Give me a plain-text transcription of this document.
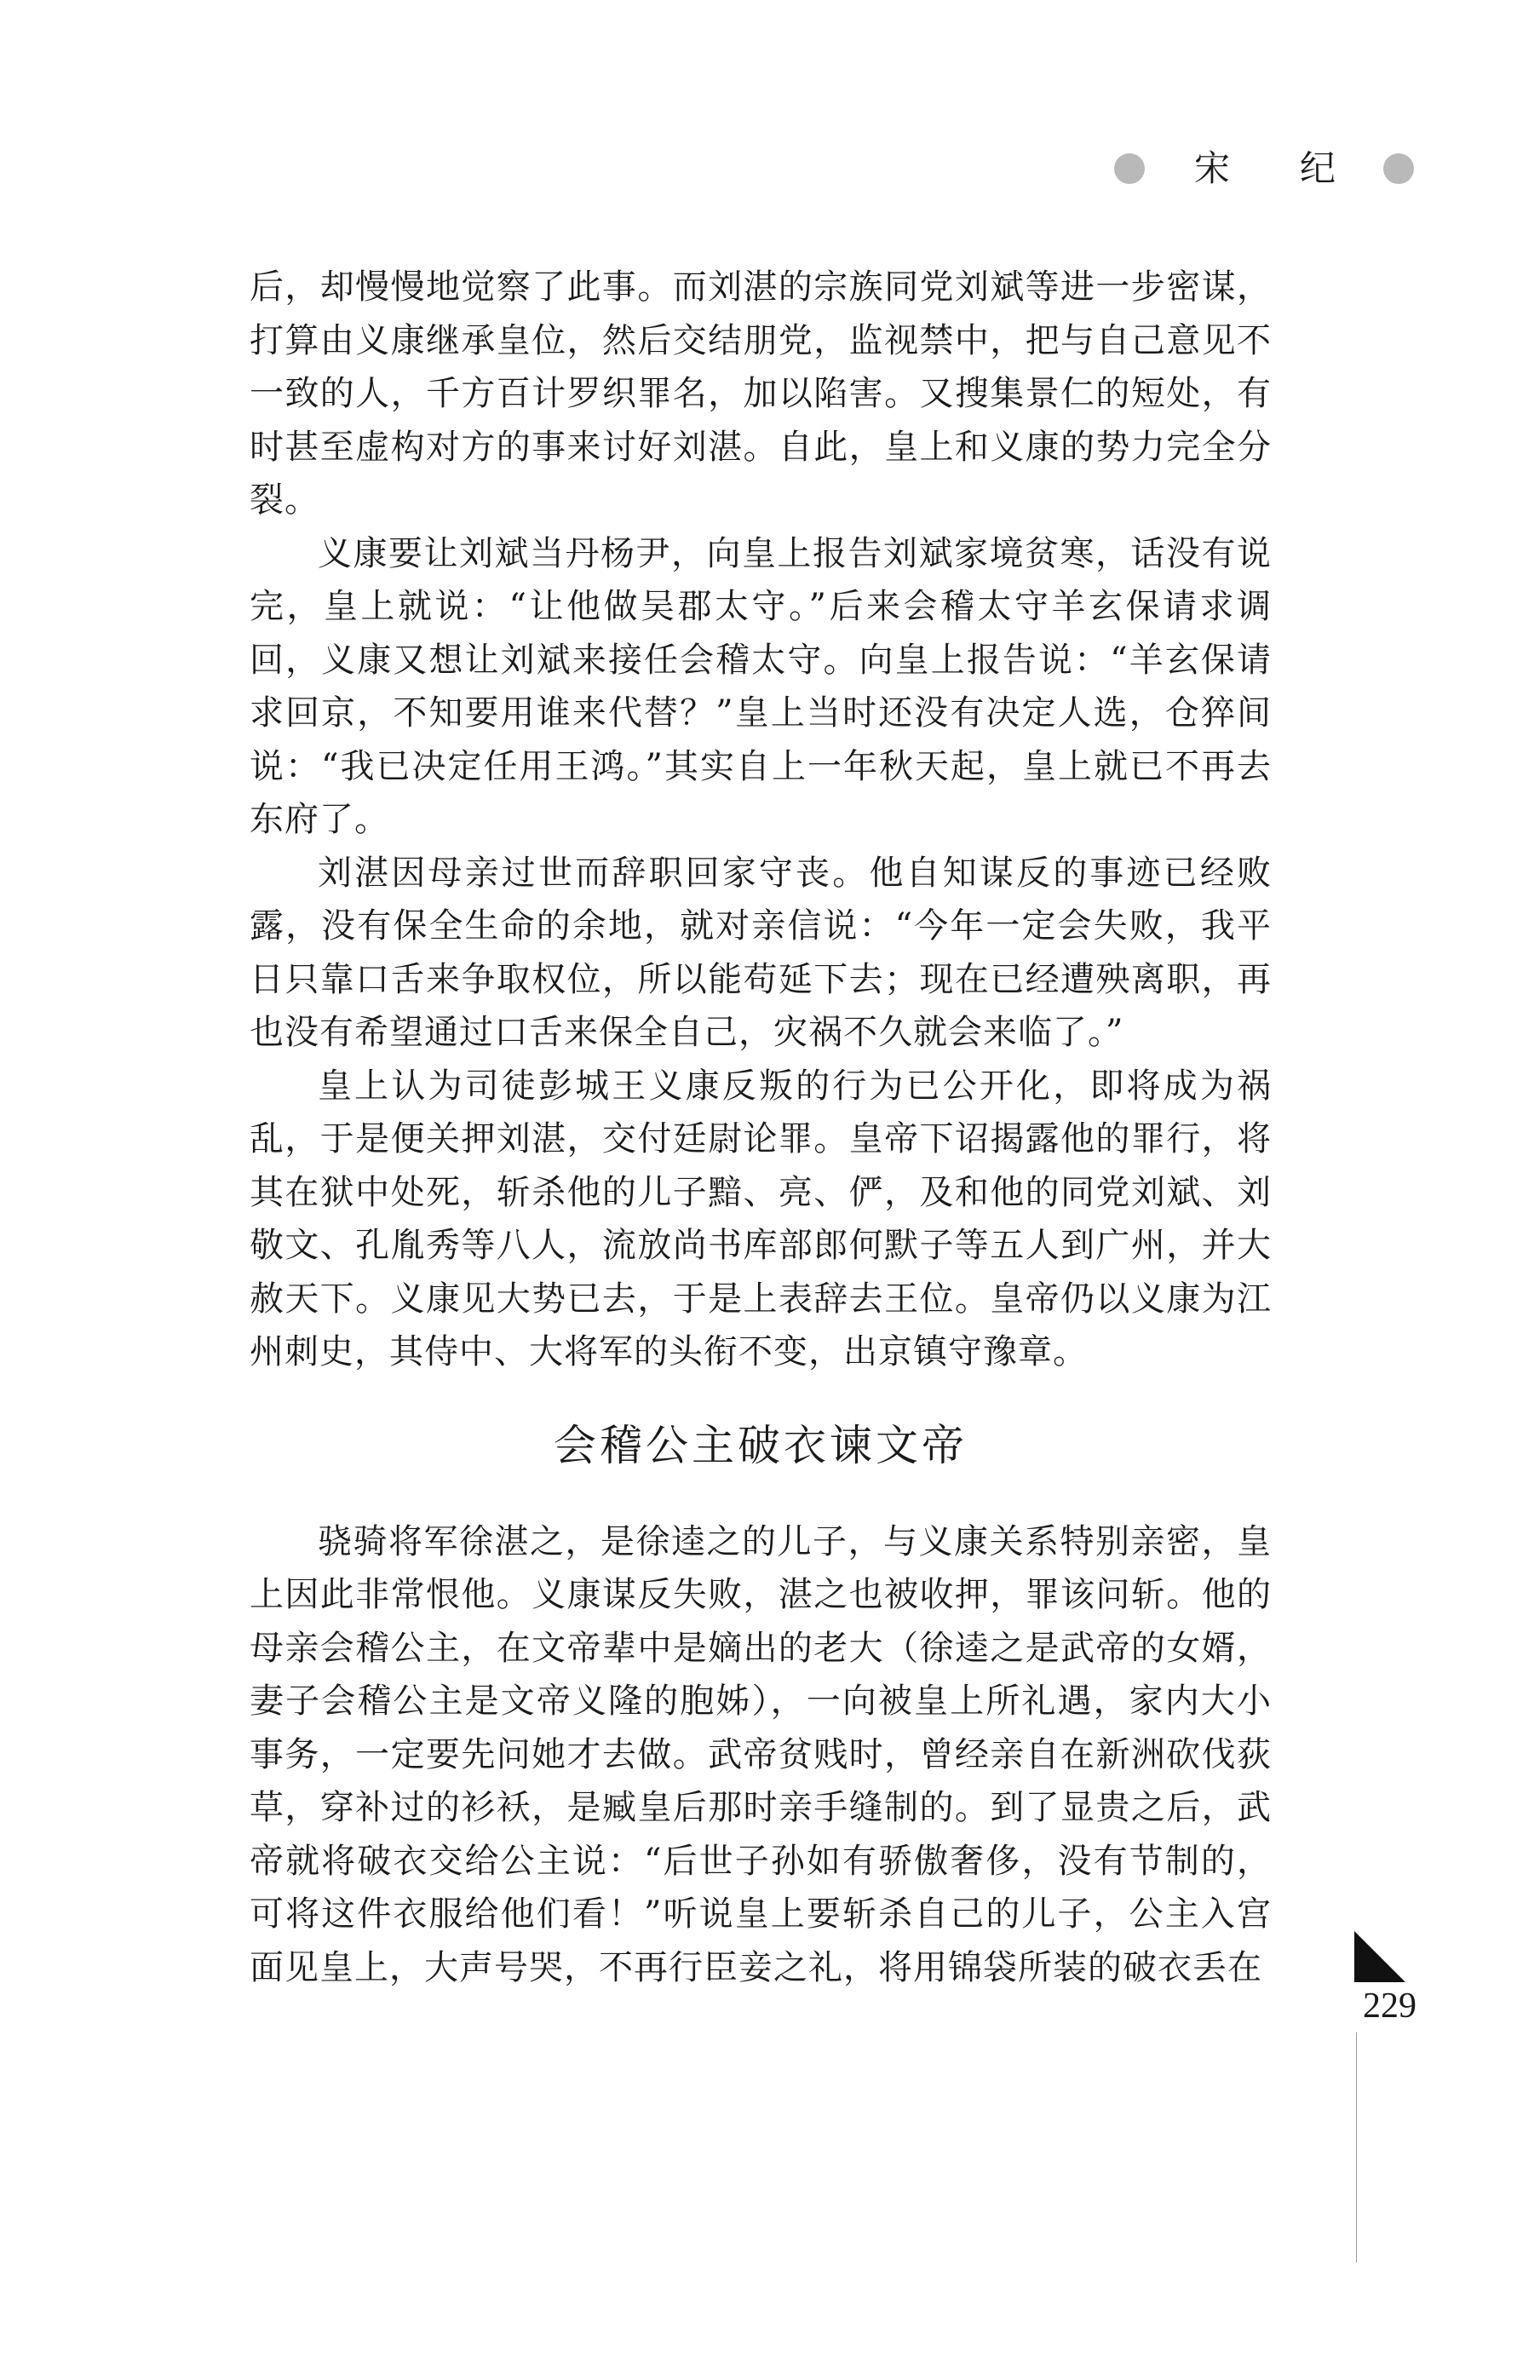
宋 纪

后，却慢慢地觉察了此事。而刘湛的宗族同党刘斌等进一步密谋，打算由义康继承皇位，然后交结朋党，监视禁中，把与自己意见不一致的人，千方百计罗织罪名，加以陷害。又搜集景仁的短处，有时甚至虚构对方的事来讨好刘湛。自此，皇上和义康的势力完全分裂。

义康要让刘斌当丹杨尹，向皇上报告刘斌家境贫寒，话没有说完，皇上就说：“让他做吴郡太守。”后来会稽太守羊玄保请求调回，义康又想让刘斌来接任会稽太守。向皇上报告说：“羊玄保请求回京，不知要用谁来代替？”皇上当时还没有决定人选，仓猝间说：“我已决定任用王鸿。”其实自上一年秋天起，皇上就已不再去东府了。

刘湛因母亲过世而辞职回家守丧。他自知谋反的事迹已经败露，没有保全生命的余地，就对亲信说：“今年一定会失败，我平日只靠口舌来争取权位，所以能苟延下去；现在已经遭殃离职，再也没有希望通过口舌来保全自己，灾祸不久就会来临了。”

皇上认为司徒彭城王义康反叛的行为已公开化，即将成为祸乱，于是便关押刘湛，交付廷尉论罪。皇帝下诏揭露他的罪行，将其在狱中处死，斩杀他的儿子黯、亮、俨，及和他的同党刘斌、刘敬文、孔胤秀等八人，流放尚书库部郎何默子等五人到广州，并大赦天下。义康见大势已去，于是上表辞去王位。皇帝仍以义康为江州刺史，其侍中、大将军的头衔不变，出京镇守豫章。

会稽公主破衣谏文帝

骁骑将军徐湛之，是徐逵之的儿子，与义康关系特别亲密，皇上因此非常恨他。义康谋反失败，湛之也被收押，罪该问斩。他的母亲会稽公主，在文帝辈中是嫡出的老大（徐逵之是武帝的女婿，妻子会稽公主是文帝义隆的胞姊），一向被皇上所礼遇，家内大小事务，一定要先问她才去做。武帝贫贱时，曾经亲自在新洲砍伐荻草，穿补过的衫袄，是臧皇后那时亲手缝制的。到了显贵之后，武帝就将破衣交给公主说：“后世子孙如有骄傲奢侈，没有节制的，可将这件衣服给他们看！”听说皇上要斩杀自己的儿子，公主入宫面见皇上，大声号哭，不再行臣妾之礼，将用锦袋所装的破衣丢在

229
